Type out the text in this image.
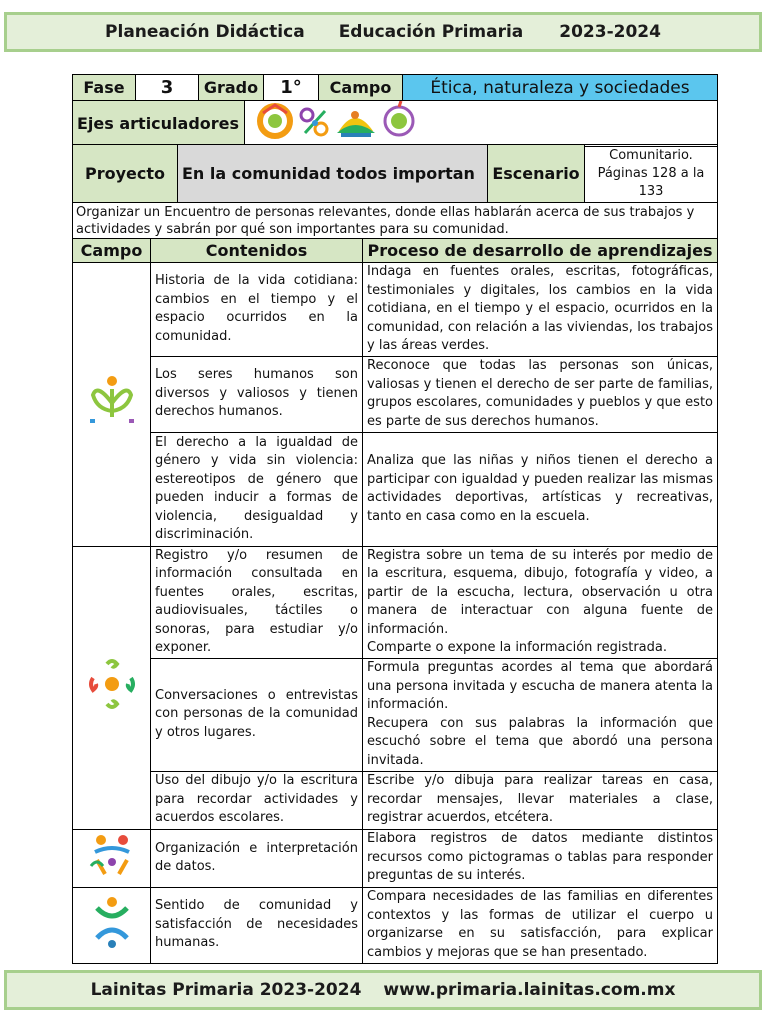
Planeación Didáctica Educación Primaria 2023-2024
Fase	3	Grado	1°	Campo	Ética, naturaleza y sociedades
Ejes articuladores	
Proyecto	En la comunidad todos importan	Escenario	Comunitario. Páginas 128 a la 133
Organizar un Encuentro de personas relevantes, donde ellas hablarán acerca de sus trabajos y actividades y sabrán por qué son importantes para su comunidad.
Campo	Contenidos	Proceso de desarrollo de aprendizajes
	Historia de la vida cotidiana: cambios en el tiempo y el espacio ocurridos en la comunidad.	Indaga en fuentes orales, escritas, fotográficas, testimoniales y digitales, los cambios en la vida cotidiana, en el tiempo y el espacio, ocurridos en la comunidad, con relación a las viviendas, los trabajos y las áreas verdes.
	Los seres humanos son diversos y valiosos y tienen derechos humanos.	Reconoce que todas las personas son únicas, valiosas y tienen el derecho de ser parte de familias, grupos escolares, comunidades y pueblos y que esto es parte de sus derechos humanos.
	El derecho a la igualdad de género y vida sin violencia: estereotipos de género que pueden inducir a formas de violencia, desigualdad y discriminación.	Analiza que las niñas y niños tienen el derecho a participar con igualdad y pueden realizar las mismas actividades deportivas, artísticas y recreativas, tanto en casa como en la escuela.
	Registro y/o resumen de información consultada en fuentes orales, escritas, audiovisuales, táctiles o sonoras, para estudiar y/o exponer.	Registra sobre un tema de su interés por medio de la escritura, esquema, dibujo, fotografía y video, a partir de la escucha, lectura, observación u otra manera de interactuar con alguna fuente de información.
Comparte o expone la información registrada.

	Conversaciones o entrevistas con personas de la comunidad y otros lugares.	Formula preguntas acordes al tema que abordará una persona invitada y escucha de manera atenta la información.
Recupera con sus palabras la información que escuchó sobre el tema que abordó una persona invitada.

	Uso del dibujo y/o la escritura para recordar actividades y acuerdos escolares.	Escribe y/o dibuja para realizar tareas en casa, recordar mensajes, llevar materiales a clase, registrar acuerdos, etcétera.
	Organización e interpretación de datos.	Elabora registros de datos mediante distintos recursos como pictogramas o tablas para responder preguntas de su interés.
	Sentido de comunidad y satisfacción de necesidades humanas.	Compara necesidades de las familias en diferentes contextos y las formas de utilizar el cuerpo u organizarse en su satisfacción, para explicar cambios y mejoras que se han presentado.
Lainitas Primaria 2023-2024 www.primaria.lainitas.com.mx
